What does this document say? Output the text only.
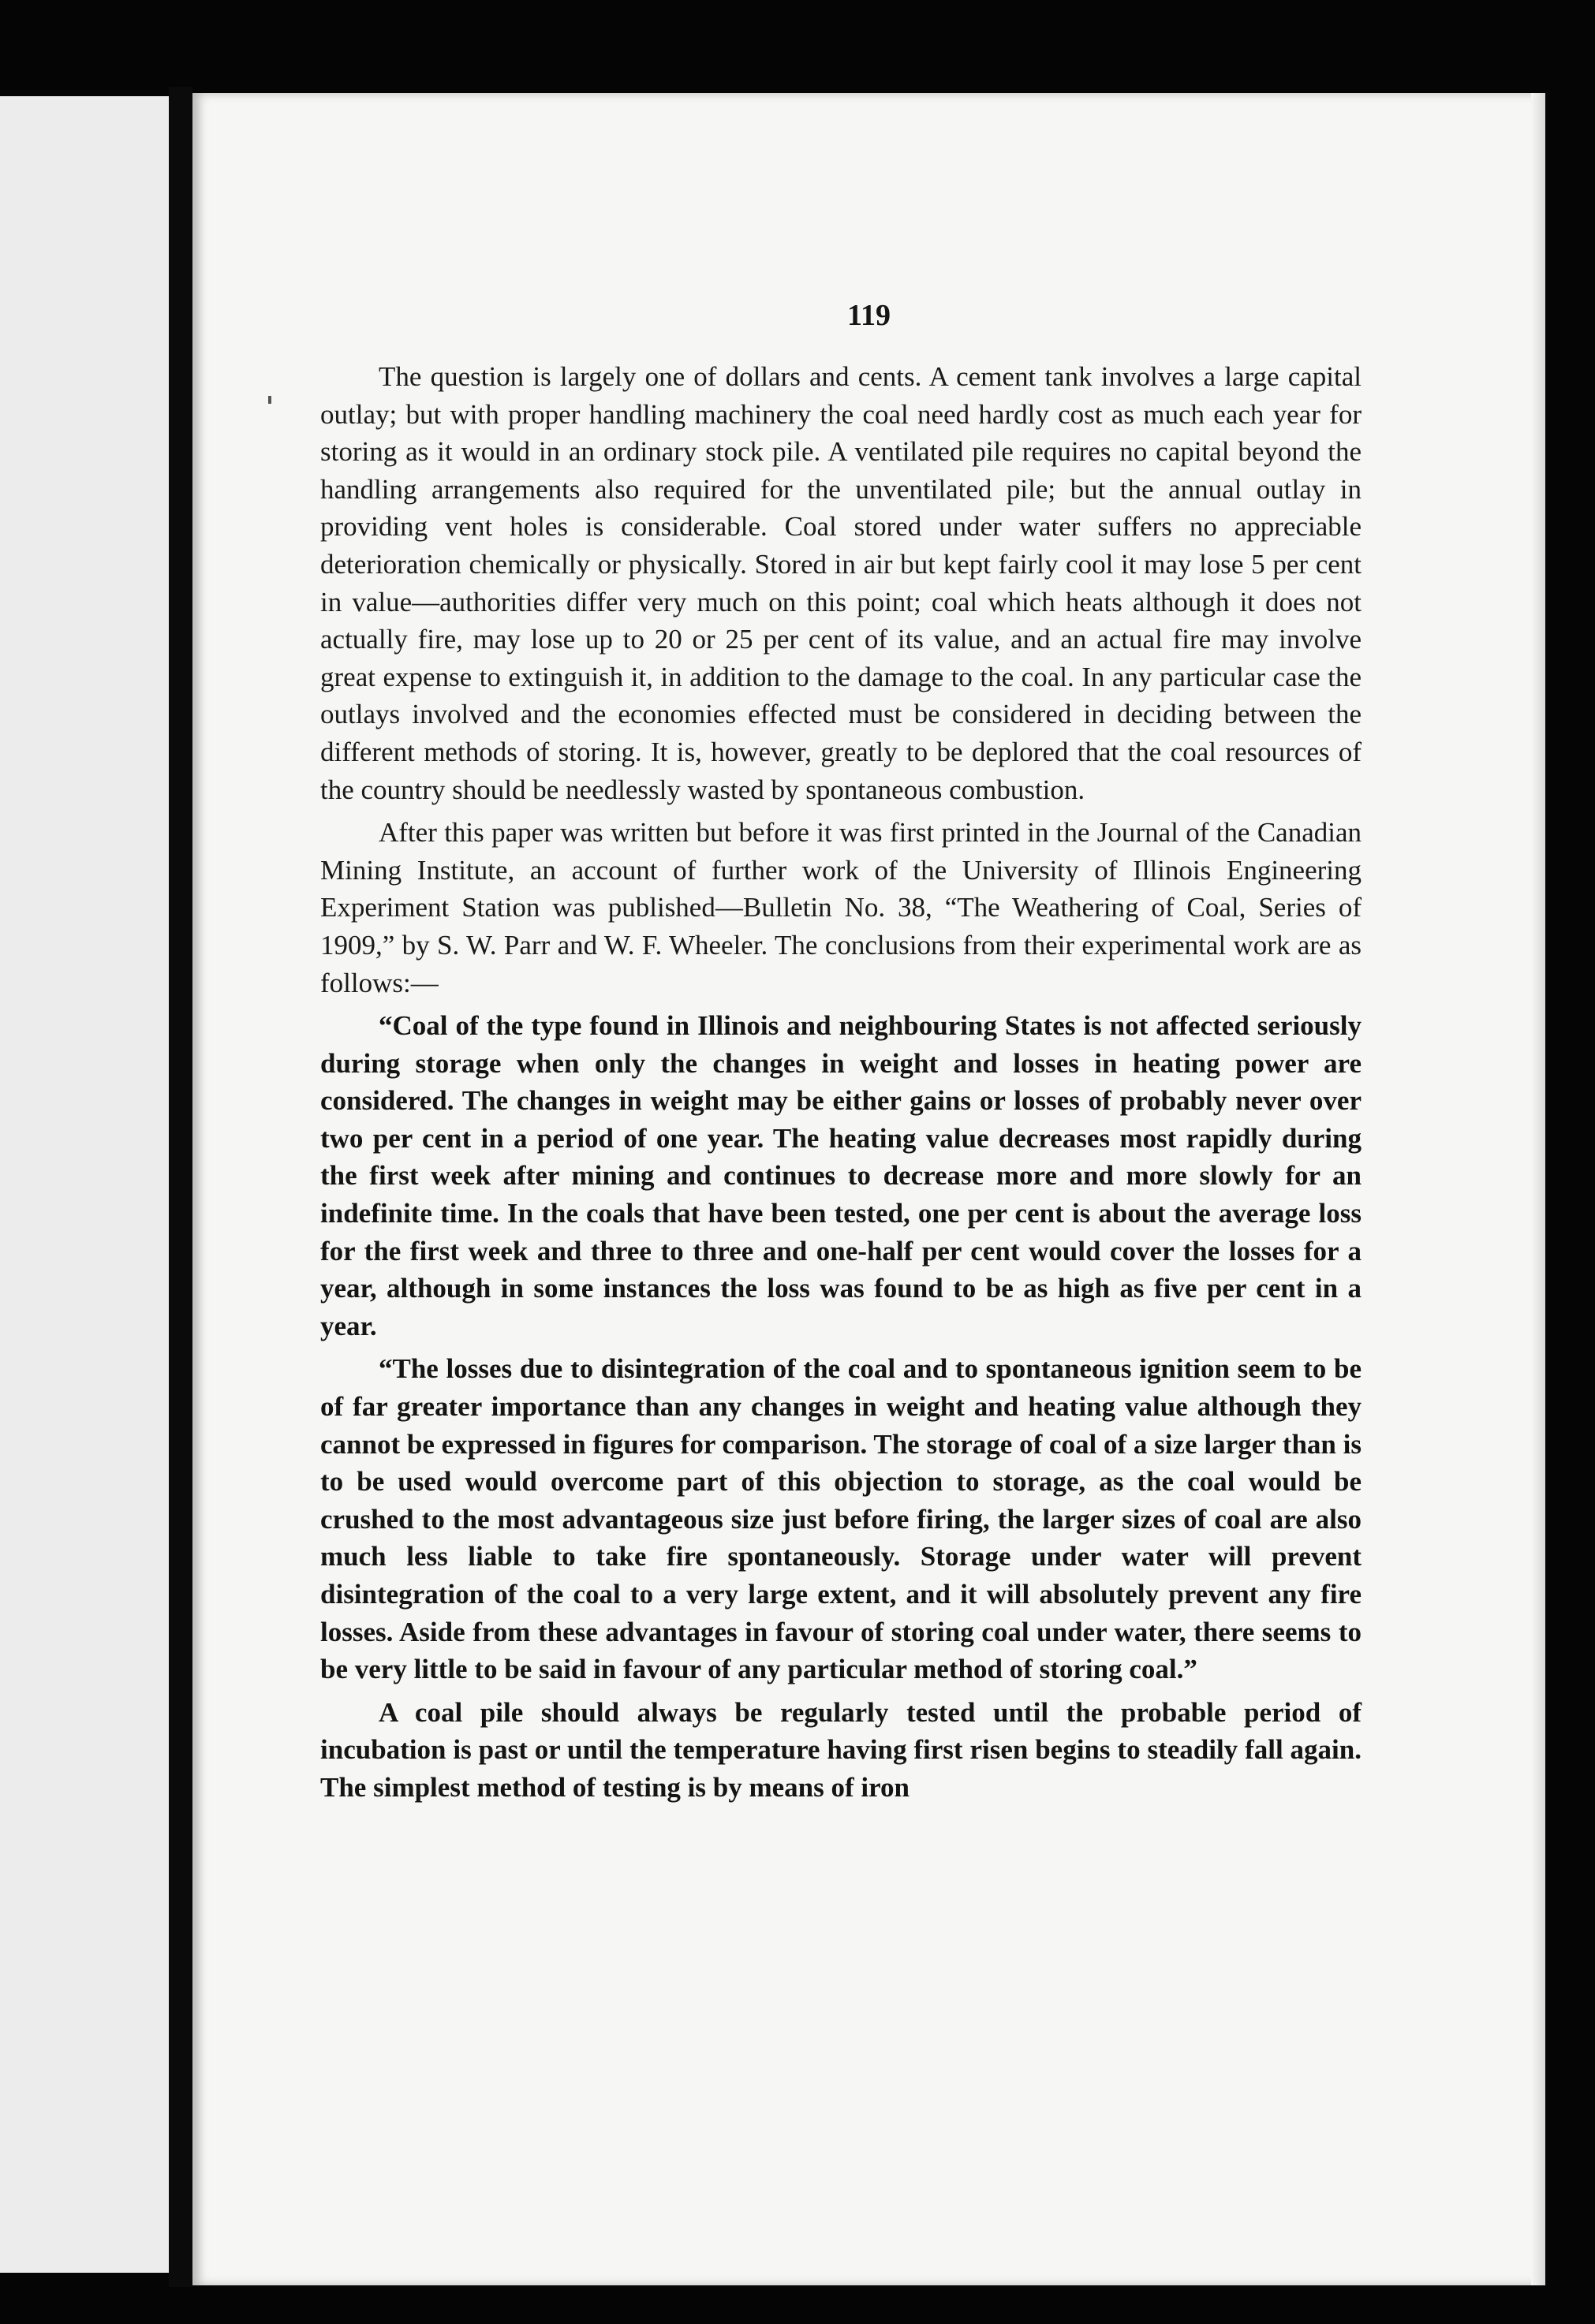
119

The question is largely one of dollars and cents. A cement tank involves a large capital outlay; but with proper handling machinery the coal need hardly cost as much each year for storing as it would in an ordinary stock pile. A ventilated pile requires no capital beyond the handling arrangements also required for the unventilated pile; but the annual outlay in providing vent holes is considerable. Coal stored under water suffers no appreciable deterioration chemically or physically. Stored in air but kept fairly cool it may lose 5 per cent in value—authorities differ very much on this point; coal which heats although it does not actually fire, may lose up to 20 or 25 per cent of its value, and an actual fire may involve great expense to extinguish it, in addition to the damage to the coal. In any particular case the outlays involved and the economies effected must be considered in deciding between the different methods of storing. It is, however, greatly to be deplored that the coal resources of the country should be needlessly wasted by spontaneous combustion.

After this paper was written but before it was first printed in the Journal of the Canadian Mining Institute, an account of further work of the University of Illinois Engineering Experiment Station was published—Bulletin No. 38, “The Weathering of Coal, Series of 1909,” by S. W. Parr and W. F. Wheeler. The conclusions from their experimental work are as follows:—

“Coal of the type found in Illinois and neighbouring States is not affected seriously during storage when only the changes in weight and losses in heating power are considered. The changes in weight may be either gains or losses of probably never over two per cent in a period of one year. The heating value decreases most rapidly during the first week after mining and continues to decrease more and more slowly for an indefinite time. In the coals that have been tested, one per cent is about the average loss for the first week and three to three and one-half per cent would cover the losses for a year, although in some instances the loss was found to be as high as five per cent in a year.

“The losses due to disintegration of the coal and to spontaneous ignition seem to be of far greater importance than any changes in weight and heating value although they cannot be expressed in figures for comparison. The storage of coal of a size larger than is to be used would overcome part of this objection to storage, as the coal would be crushed to the most advantageous size just before firing, the larger sizes of coal are also much less liable to take fire spontaneously. Storage under water will prevent disintegration of the coal to a very large extent, and it will absolutely prevent any fire losses. Aside from these advantages in favour of storing coal under water, there seems to be very little to be said in favour of any particular method of storing coal.”

A coal pile should always be regularly tested until the probable period of incubation is past or until the temperature having first risen begins to steadily fall again. The simplest method of testing is by means of iron
